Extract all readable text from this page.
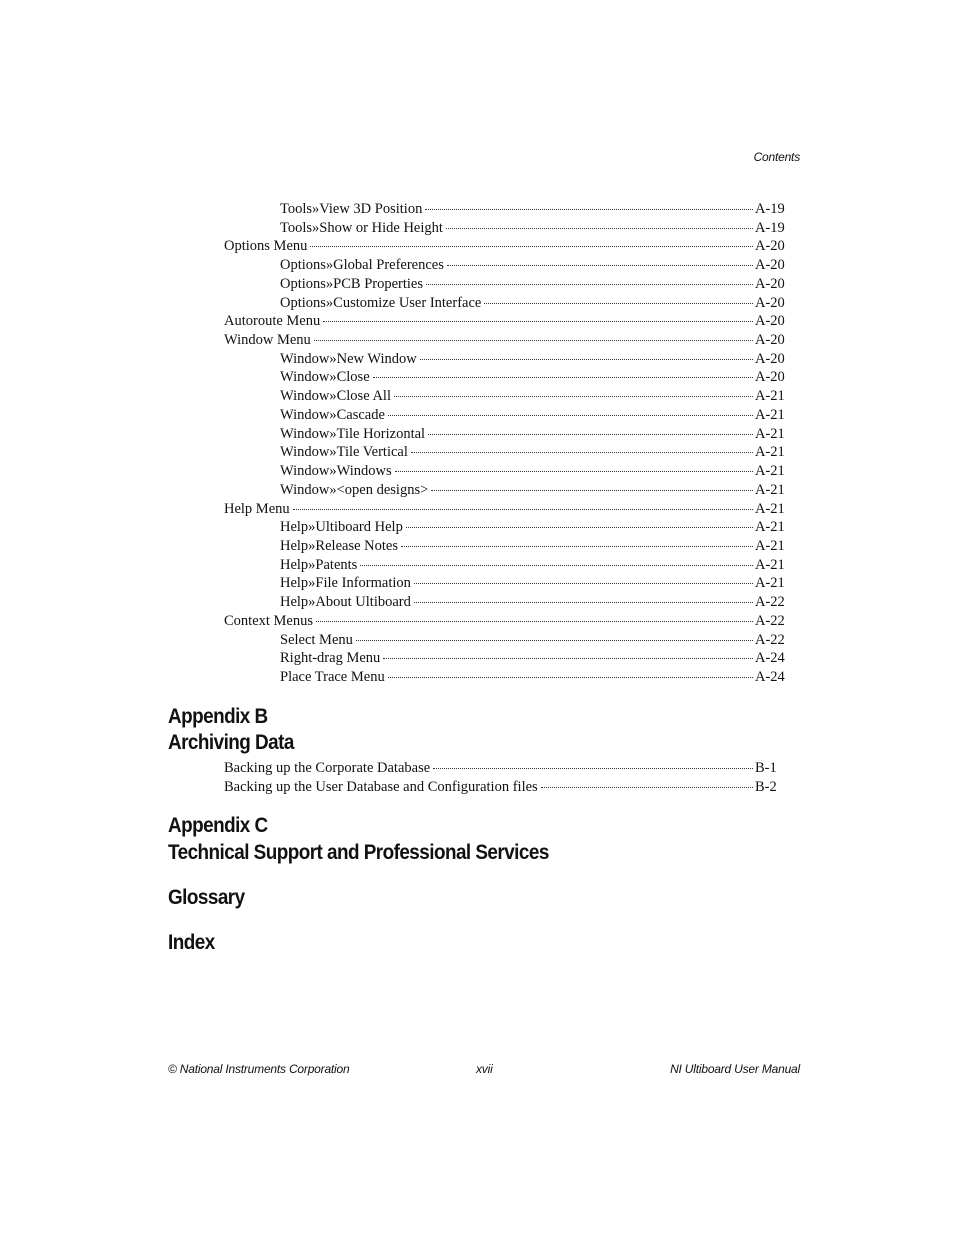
Contents
Tools»View 3D Position	A-19
Tools»Show or Hide Height	A-19
Options Menu	A-20
Options»Global Preferences	A-20
Options»PCB Properties	A-20
Options»Customize User Interface	A-20
Autoroute Menu	A-20
Window Menu	A-20
Window»New Window	A-20
Window»Close	A-20
Window»Close All	A-21
Window»Cascade	A-21
Window»Tile Horizontal	A-21
Window»Tile Vertical	A-21
Window»Windows	A-21
Window»<open designs>	A-21
Help Menu	A-21
Help»Ultiboard Help	A-21
Help»Release Notes	A-21
Help»Patents	A-21
Help»File Information	A-21
Help»About Ultiboard	A-22
Context Menus	A-22
Select Menu	A-22
Right-drag Menu	A-24
Place Trace Menu	A-24
Appendix B
Archiving Data
Backing up the Corporate Database	B-1
Backing up the User Database and Configuration files	B-2
Appendix C
Technical Support and Professional Services
Glossary
Index
© National Instruments Corporation	xvii	NI Ultiboard User Manual
